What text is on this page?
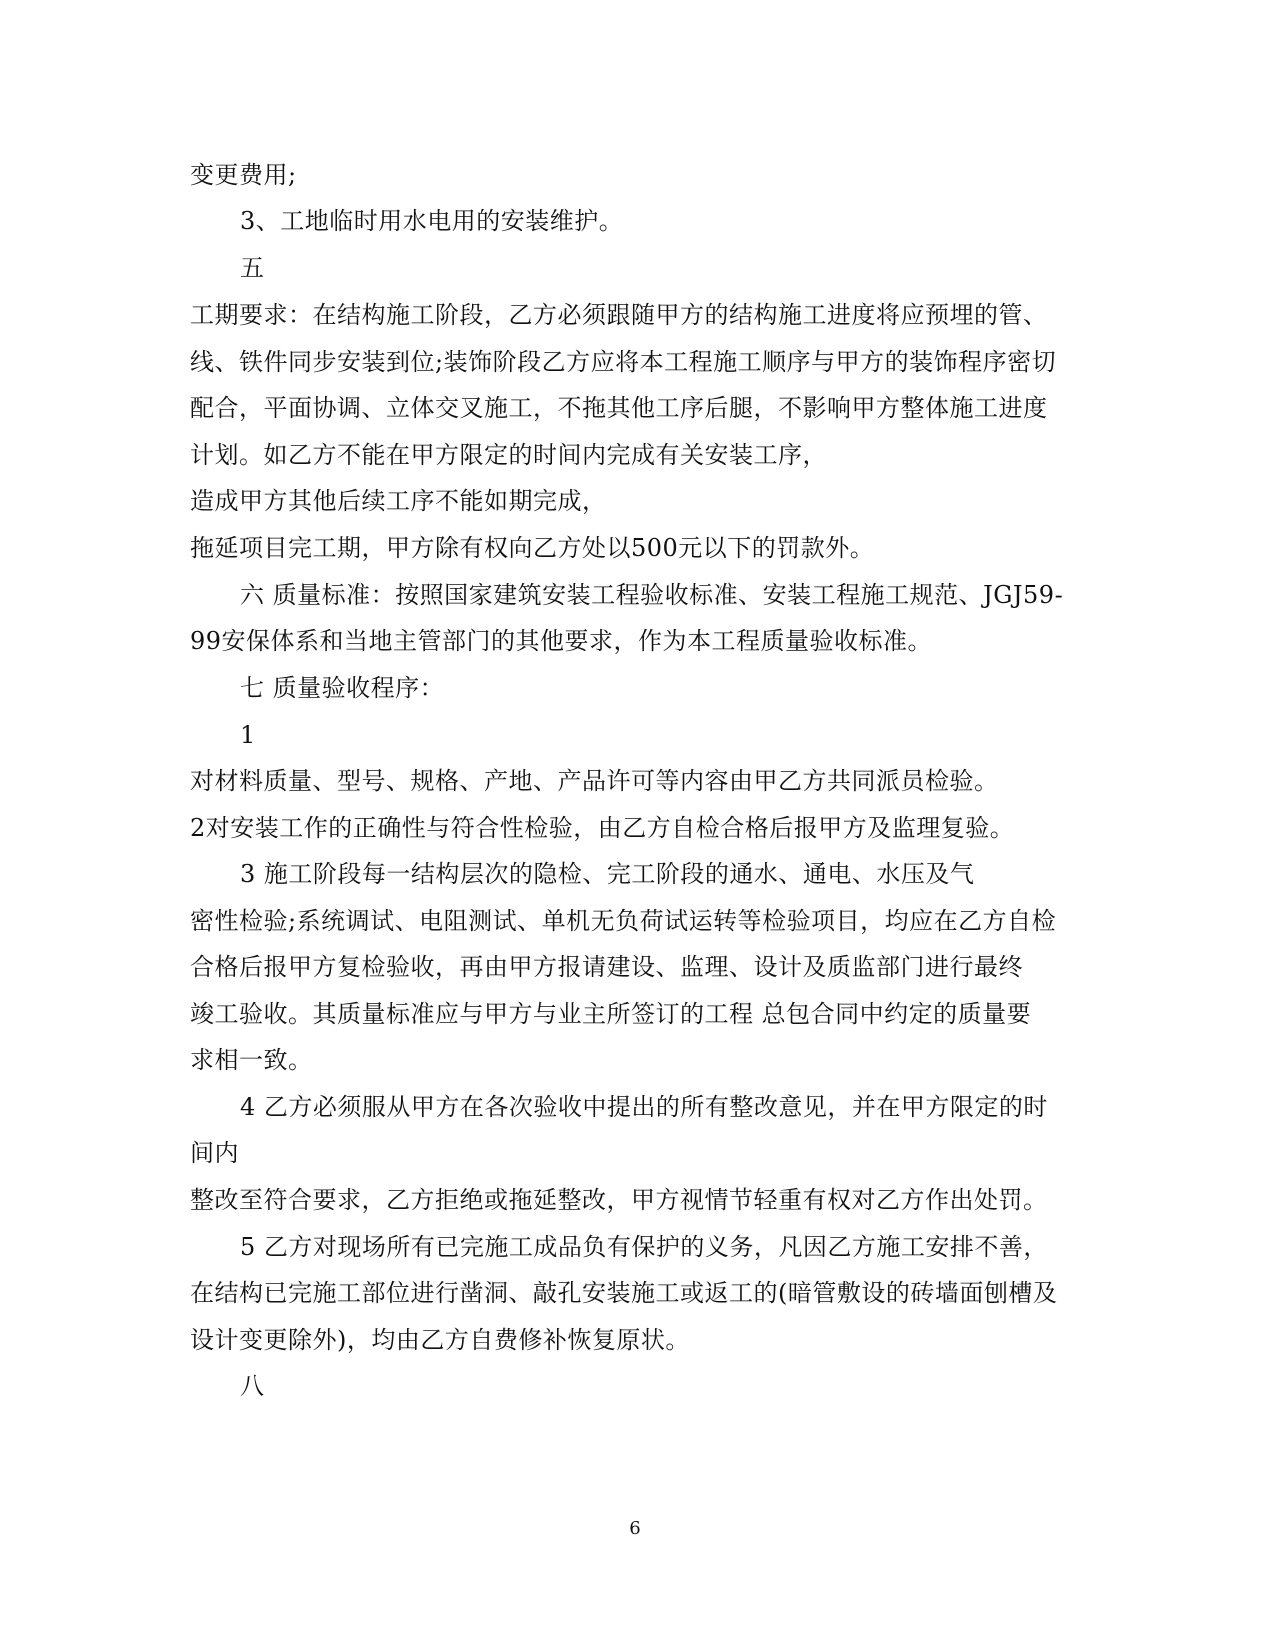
变更费用;
3、工地临时用水电用的安装维护。
五
工期要求：在结构施工阶段，乙方必须跟随甲方的结构施工进度将应预埋的管、
线、铁件同步安装到位;装饰阶段乙方应将本工程施工顺序与甲方的装饰程序密切
配合，平面协调、立体交叉施工，不拖其他工序后腿，不影响甲方整体施工进度
计划。如乙方不能在甲方限定的时间内完成有关安装工序，
造成甲方其他后续工序不能如期完成，
拖延项目完工期，甲方除有权向乙方处以500元以下的罚款外。
六 质量标准：按照国家建筑安装工程验收标准、安装工程施工规范、JGJ59-
99安保体系和当地主管部门的其他要求，作为本工程质量验收标准。
七 质量验收程序：
1
对材料质量、型号、规格、产地、产品许可等内容由甲乙方共同派员检验。
2对安装工作的正确性与符合性检验，由乙方自检合格后报甲方及监理复验。
3 施工阶段每一结构层次的隐检、完工阶段的通水、通电、水压及气
密性检验;系统调试、电阻测试、单机无负荷试运转等检验项目，均应在乙方自检
合格后报甲方复检验收，再由甲方报请建设、监理、设计及质监部门进行最终
竣工验收。其质量标准应与甲方与业主所签订的工程 总包合同中约定的质量要
求相一致。
4 乙方必须服从甲方在各次验收中提出的所有整改意见，并在甲方限定的时
间内
整改至符合要求，乙方拒绝或拖延整改，甲方视情节轻重有权对乙方作出处罚。
5 乙方对现场所有已完施工成品负有保护的义务，凡因乙方施工安排不善，
在结构已完施工部位进行凿洞、敲孔安装施工或返工的(暗管敷设的砖墙面刨槽及
设计变更除外)，均由乙方自费修补恢复原状。
八
6
